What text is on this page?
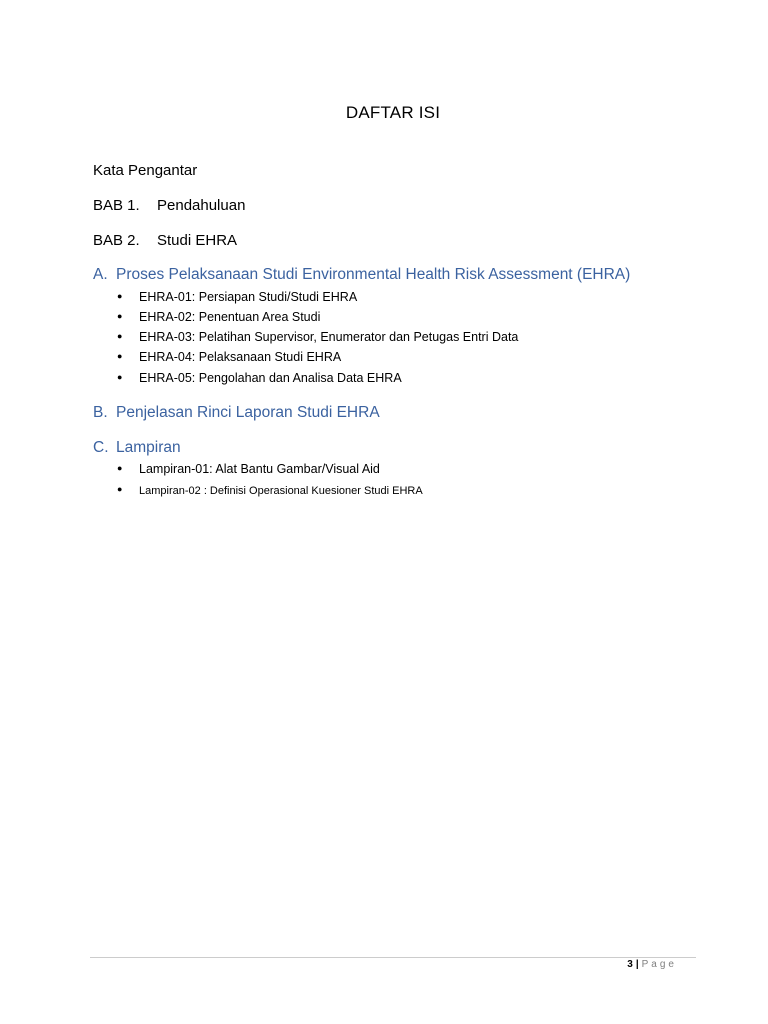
DAFTAR ISI
Kata Pengantar
BAB 1. Pendahuluan
BAB 2. Studi EHRA
A. Proses Pelaksanaan Studi Environmental Health Risk Assessment (EHRA)
● EHRA-01: Persiapan Studi/Studi EHRA
● EHRA-02: Penentuan Area Studi
● EHRA-03: Pelatihan Supervisor, Enumerator dan Petugas Entri Data
● EHRA-04: Pelaksanaan Studi EHRA
● EHRA-05: Pengolahan dan Analisa Data EHRA
B. Penjelasan Rinci Laporan Studi EHRA
C. Lampiran
● Lampiran-01: Alat Bantu Gambar/Visual Aid
● Lampiran-02 : Definisi Operasional Kuesioner Studi EHRA
3 | Page
